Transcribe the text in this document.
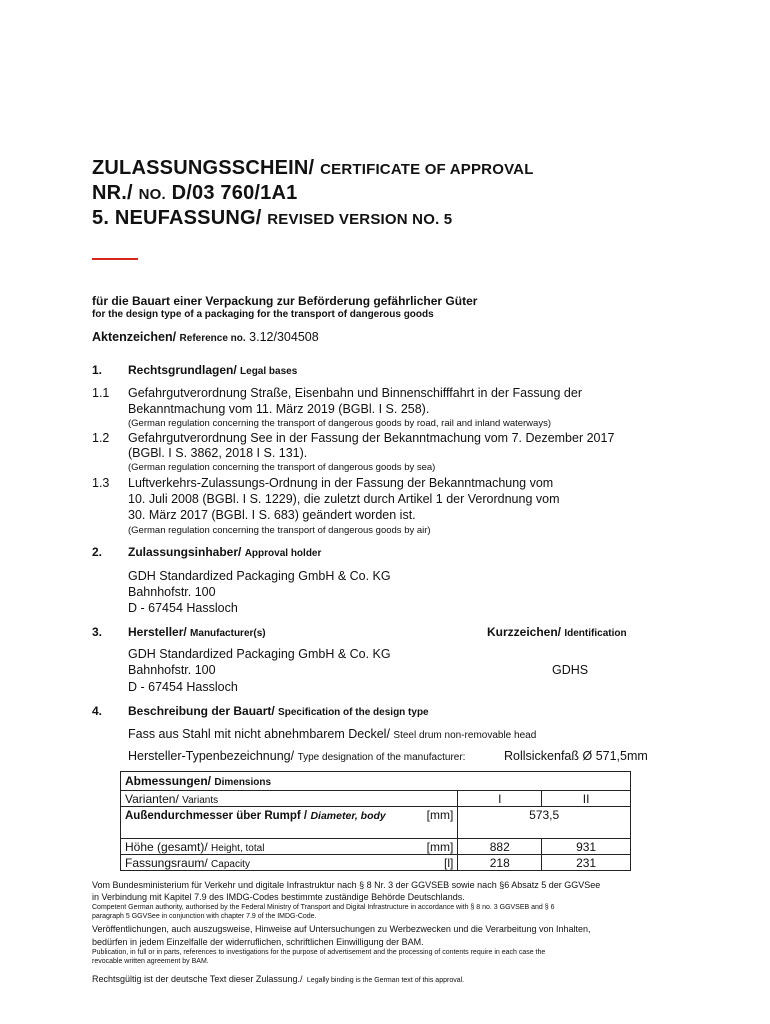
ZULASSUNGSSCHEIN/ CERTIFICATE OF APPROVAL
NR./ NO. D/03 760/1A1
5. NEUFASSUNG/ REVISED VERSION NO. 5
für die Bauart einer Verpackung zur Beförderung gefährlicher Güter
for the design type of a packaging for the transport of dangerous goods
Aktenzeichen/ Reference no. 3.12/304508
1. Rechtsgrundlagen/ Legal bases
1.1 Gefahrgutverordnung Straße, Eisenbahn und Binnenschifffahrt in der Fassung der
Bekanntmachung vom 11. März 2019 (BGBl. I S. 258).
(German regulation concerning the transport of dangerous goods by road, rail and inland waterways)
1.2 Gefahrgutverordnung See in der Fassung der Bekanntmachung vom 7. Dezember 2017
(BGBl. I S. 3862, 2018 I S. 131).
(German regulation concerning the transport of dangerous goods by sea)
1.3 Luftverkehrs-Zulassungs-Ordnung in der Fassung der Bekanntmachung vom
10. Juli 2008 (BGBl. I S. 1229), die zuletzt durch Artikel 1 der Verordnung vom
30. März 2017 (BGBl. I S. 683) geändert worden ist.
(German regulation concerning the transport of dangerous goods by air)
2. Zulassungsinhaber/ Approval holder
GDH Standardized Packaging GmbH & Co. KG
Bahnhofstr. 100
D - 67454 Hassloch
3. Hersteller/ Manufacturer(s)	Kurzzeichen/ Identification
GDH Standardized Packaging GmbH & Co. KG
Bahnhofstr. 100	GDHS
D - 67454 Hassloch
4. Beschreibung der Bauart/ Specification of the design type
Fass aus Stahl mit nicht abnehmbarem Deckel/ Steel drum non-removable head
Hersteller-Typenbezeichnung/ Type designation of the manufacturer:	Rollsickenfaß Ø 571,5mm
Abmessungen/ Dimensions		
Varianten/ Variants	I	II
Außendurchmesser über Rumpf / Diameter, body [mm]	573,5	
Höhe (gesamt)/ Height, total [mm]	882	931
Fassungsraum/ Capacity [l]	218	231
Vom Bundesministerium für Verkehr und digitale Infrastruktur nach § 8 Nr. 3 der GGVSEB sowie nach §6 Absatz 5 der GGVSee
in Verbindung mit Kapitel 7.9 des IMDG-Codes bestimmte zuständige Behörde Deutschlands.
Competent German authority, authorised by the Federal Ministry of Transport and Digital Infrastructure in accordance with § 8 no. 3 GGVSEB and § 6
paragraph 5 GGVSee in conjunction with chapter 7.9 of the IMDG-Code.
Veröffentlichungen, auch auszugsweise, Hinweise auf Untersuchungen zu Werbezwecken und die Verarbeitung von Inhalten,
bedürfen in jedem Einzelfalle der widerruflichen, schriftlichen Einwilligung der BAM.
Publication, in full or in parts, references to investigations for the purpose of advertisement and the processing of contents require in each case the
revocable written agreement by BAM.
Rechtsgültig ist der deutsche Text dieser Zulassung./ Legally binding is the German text of this approval.
